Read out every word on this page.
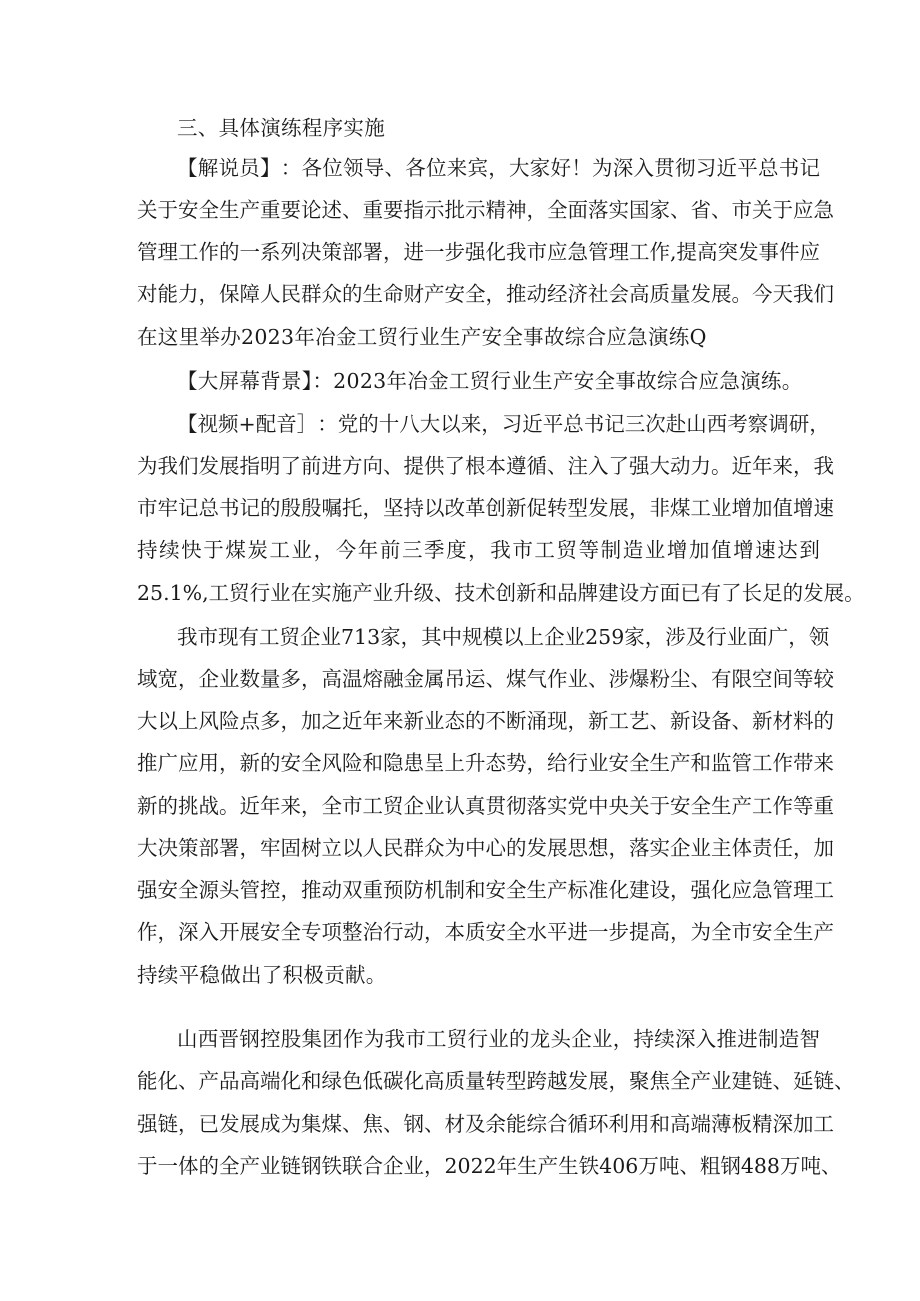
三、具体演练程序实施
【 解 说 员 】 ： 各 位 领 导 、 各 位 来 宾 ， 大 家 好 ！ 为 深 入 贯 彻 习 近 平 总 书 记
关 于 安 全 生 产 重 要 论 述 、 重 要 指 示 批 示 精 神 ， 全 面 落 实 国 家 、 省 、 市 关 于 应 急
管 理 工 作 的 一 系 列 决 策 部 署 ， 进 一 步 强 化 我 市 应 急 管 理 工 作 , 提 高 突 发 事 件 应
对 能 力 ， 保 障 人 民 群 众 的 生 命 财 产 安 全 ， 推 动 经 济 社 会 高 质 量 发 展 。 今 天 我 们
在这里举办2023年冶金工贸行业生产安全事故综合应急演练Q
【大屏幕背景】：2023年冶金工贸行业生产安全事故综合应急演练。
【 视 频 + 配 音 ］ ： 党 的 十 八 大 以 来 ， 习 近 平 总 书 记 三 次 赴 山 西 考 察 调 研 ，
为 我 们 发 展 指 明 了 前 进 方 向 、 提 供 了 根 本 遵 循 、 注 入 了 强 大 动 力 。 近 年 来 ， 我
市 牢 记 总 书 记 的 殷 殷 嘱 托 ， 坚 持 以 改 革 创 新 促 转 型 发 展 ， 非 煤 工 业 增 加 值 增 速
持 续 快 于 煤 炭 工 业 ， 今 年 前 三 季 度 ， 我 市 工 贸 等 制 造 业 增 加 值 增 速 达 到
25.1% , 工 贸 行 业 在 实 施 产 业 升 级 、 技 术 创 新 和 品 牌 建 设 方 面 已 有 了 长 足 的 发 展 。
我 市 现 有 工 贸 企 业 713 家 ， 其 中 规 模 以 上 企 业 259 家 ， 涉 及 行 业 面 广 ， 领
域 宽 ， 企 业 数 量 多 ， 高 温 熔 融 金 属 吊 运 、 煤 气 作 业 、 涉 爆 粉 尘 、 有 限 空 间 等 较
大 以 上 风 险 点 多 ， 加 之 近 年 来 新 业 态 的 不 断 涌 现 ， 新 工 艺 、 新 设 备 、 新 材 料 的
推 广 应 用 ， 新 的 安 全 风 险 和 隐 患 呈 上 升 态 势 ， 给 行 业 安 全 生 产 和 监 管 工 作 带 来
新 的 挑 战 。 近 年 来 ， 全 市 工 贸 企 业 认 真 贯 彻 落 实 党 中 央 关 于 安 全 生 产 工 作 等 重
大 决 策 部 署 ， 牢 固 树 立 以 人 民 群 众 为 中 心 的 发 展 思 想 ， 落 实 企 业 主 体 责 任 ， 加
强 安 全 源 头 管 控 ， 推 动 双 重 预 防 机 制 和 安 全 生 产 标 准 化 建 设 ， 强 化 应 急 管 理 工
作 ， 深 入 开 展 安 全 专 项 整 治 行 动 ， 本 质 安 全 水 平 进 一 步 提 高 ， 为 全 市 安 全 生 产
持续平稳做出了积极贡献。
山 西 晋 钢 控 股 集 团 作 为 我 市 工 贸 行 业 的 龙 头 企 业 ， 持 续 深 入 推 进 制 造 智
能 化 、 产 品 高 端 化 和 绿 色 低 碳 化 高 质 量 转 型 跨 越 发 展 ， 聚 焦 全 产 业 建 链 、 延 链 、
强 链 ， 已 发 展 成 为 集 煤 、 焦 、 钢 、 材 及 余 能 综 合 循 环 利 用 和 高 端 薄 板 精 深 加 工
于 一 体 的 全 产 业 链 钢 铁 联 合 企 业 ， 2022 年 生 产 生 铁 406 万 吨 、 粗 钢 488 万 吨 、
